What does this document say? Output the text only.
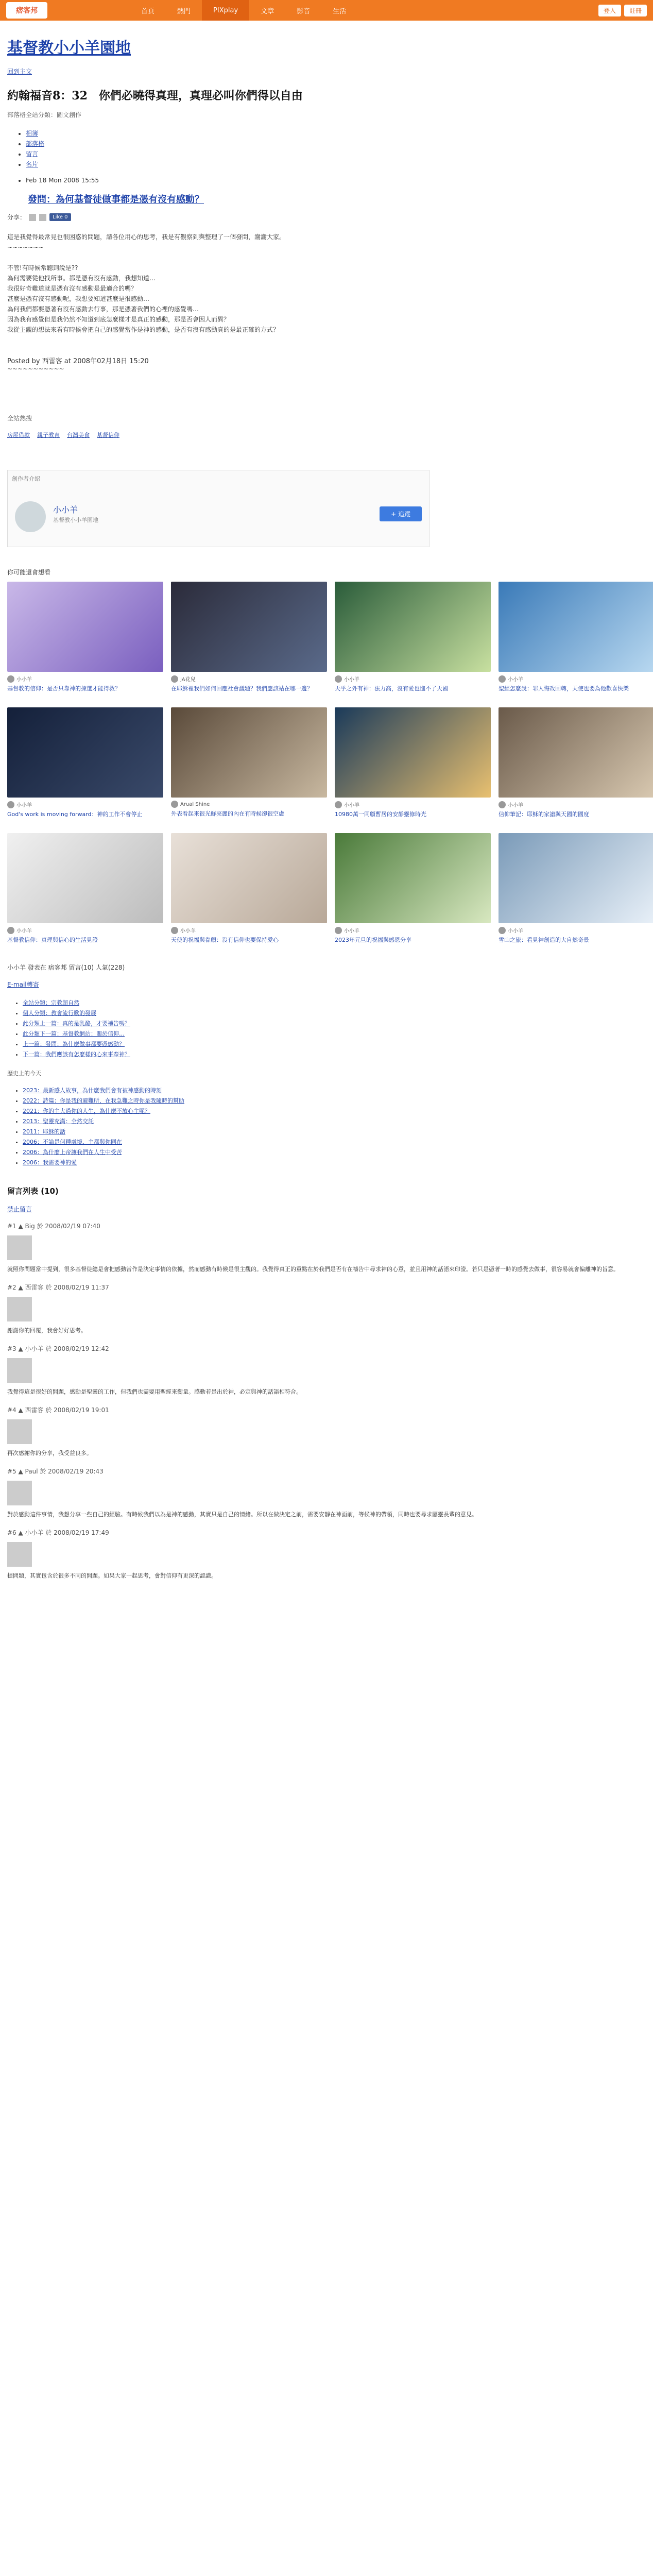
痞客邦	首頁	熱門	PIXplay	文章	影音	生活	登入	註冊
基督教小小羊園地
回到主文
約翰福音8：32　你們必曉得真理，真理必叫你們得以自由
部落格全站分類：圖文創作
• 相簿
• 部落格
• 留言
• 名片
• Feb 18 Mon 2008 15:55
發問：為何基督徒做事都是憑有沒有感動？
分享：	Like 0

這是我覺得最常見也很困惑的問題，請各位用心的思考，我是有觀察到與整理了一個發問，謝謝大家。

~~~~~~~

不管!有時候常聽到說是??

為何需要從他找所事。都是憑有沒有感動，我想知道…

我很好奇難道就是憑有沒有感動是最適合的嗎？

甚麼是憑有沒有感動呢，我想要知道甚麼是很感動…

為何我們都要憑著有沒有感動去行事，那是憑著我們的心裡的感覺嗎…

因為我有感覺但是我仍然不知道到底怎麼樣才是真正的感動，那是否會因人而異？

我從主觀的想法來看有時候會把自己的感覺當作是神的感動，是否有沒有感動真的是最正確的方式？

Posted by 西雷客 at 2008年02月18日 15:20
~~~~~~~~~~~
全站熱搜
房屋借款 親子教育 台灣美食 基督信仰
創作者介紹
小小羊
基督教小小羊園地
+ 追蹤
你可能還會想看
小小羊
基督教的信仰：是否只靠神的揀選才能得救？
JA花兒
在耶穌裡我們如何回應社會議題？我們應該站在哪一邊？
小小羊
天乎之外有神：法力高，沒有愛也進不了天國
小小羊
聖經怎麼說：罪人悔改回轉，天使也要為他歡喜快樂
小小羊
God's work is moving forward：神的工作不會停止
Arual Shine
外表看起來很光鮮亮麗的內在有時候卻很空虛
小小羊
10980萬一同顧暫居的安靜靈修時光
小小羊
信仰筆記：耶穌的家譜與天國的國度
小小羊
基督教信仰：真理與信心的生活見證
小小羊
天使的祝福與眷顧：沒有信仰也要保持愛心
小小羊
2023年元旦的祝福與感恩分享
小小羊
雪山之旅：看見神創造的大自然奇景
小小羊 發表在 痞客邦 留言(10) 人氣(228)
E-mail轉寄
• 全站分類：宗教超自然
• 個人分類：教會流行歌的發展
• 此分類上一篇：真的是乳酪，才要禱告嗎？
• 此分類下一篇：基督教網站：關於信仰…
• 上一篇：發問：為什麼做事都要憑感動？
• 下一篇：我們應該有怎麼樣的心來事奉神？
歷史上的今天
• 2023：最新感人故事，為什麼我們會有被神感動的時刻
• 2022：詩篇：你是我的避難所，在我急難之時你是我隨時的幫助
• 2021：你的主大過你的人生，為什麼不放心主呢？
• 2013：聖靈充滿：全然交託
• 2011：耶穌的話
• 2006：不論是何種處境，主都與你同在
• 2006：為什麼上帝讓我們在人生中受苦
• 2006：我需要神的愛
留言列表 (10)
禁止留言
#1 ▲ Big 於 2008/02/19 07:40
就照你問題當中提到，很多基督徒總是會把感動當作是決定事情的依據，然而感動有時候是很主觀的。我覺得真正的重點在於我們是否有在禱告中尋求神的心意，並且用神的話語來印證。若只是憑著一時的感覺去做事，很容易就會偏離神的旨意。
#2 ▲ 西雷客 於 2008/02/19 11:37
謝謝你的回覆，我會好好思考。
#3 ▲ 小小羊 於 2008/02/19 12:42
我覺得這是很好的問題，感動是聖靈的工作，但我們也需要用聖經來衡量。感動若是出於神，必定與神的話語相符合。
#4 ▲ 西雷客 於 2008/02/19 19:01
再次感謝你的分享，我受益良多。
#5 ▲ Paul 於 2008/02/19 20:43
對於感動這件事情，我想分享一些自己的經驗。有時候我們以為是神的感動，其實只是自己的情緒。所以在做決定之前，需要安靜在神面前，等候神的帶領，同時也要尋求屬靈長輩的意見。
#6 ▲ 小小羊 於 2008/02/19 17:49
提問題，其實包含於很多不同的問題。如果大家一起思考，會對信仰有更深的認識。
